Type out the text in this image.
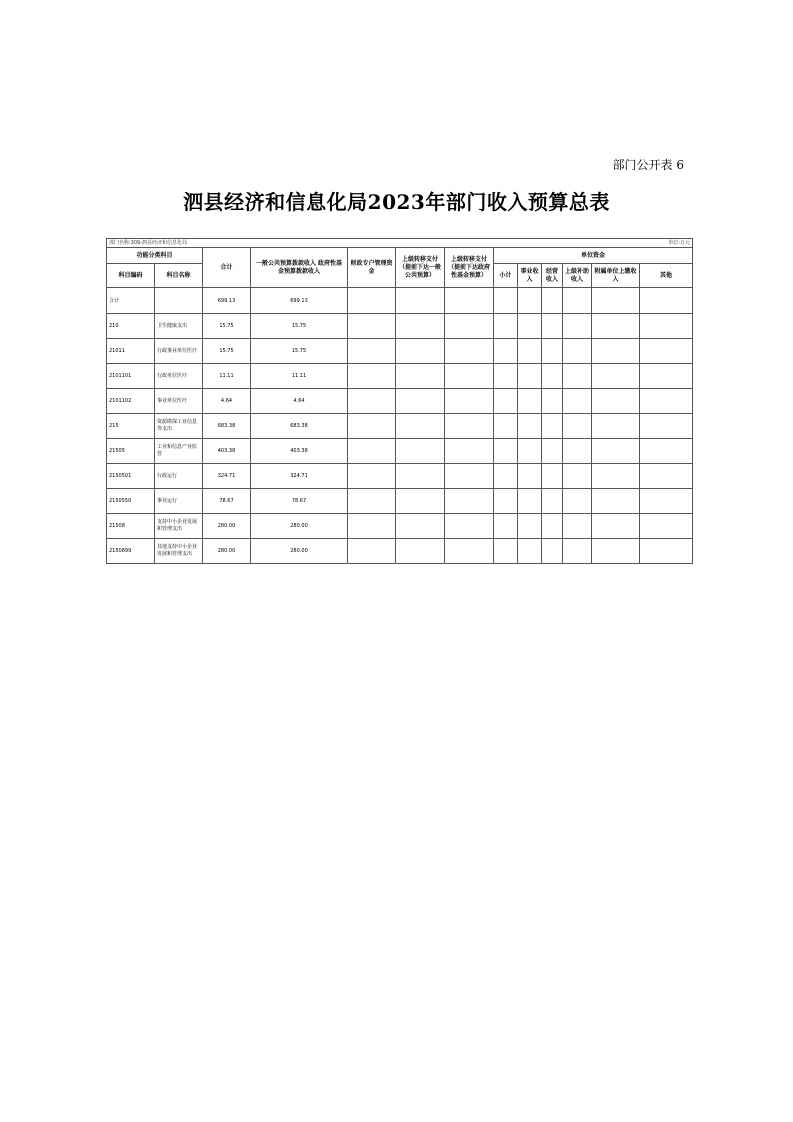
部门公开表 6
泗县经济和信息化局2023年部门收入预算总表
部门名称:309-泗县经济和信息化局											单位:万元	
功能分类科目		合计	一般公共预算拨款收入 政府性基金预算拨款收入	财政专户管理资金	上级转移支付（提前下达一般公共预算）	上级转移支付（提前下达政府性基金预算）	单位资金					
科目编码	科目名称						小计	事业收入	经营收入	上级补助收入	附属单位上缴收入	其他
合计		699.13	699.13									
210	卫生健康支出	15.75	15.75									
21011	行政事业单位医疗	15.75	15.75									
2101101	行政单位医疗	11.11	11.11									
2101102	事业单位医疗	4.64	4.64									
215	资源勘探工业信息等支出	683.38	683.38									
21505	工业和信息产业监管	403.38	403.38									
2150501	行政运行	324.71	324.71									
2150550	事业运行	78.67	78.67									
21508	支持中小企业发展和管理支出	280.00	280.00									
2150899	其他支持中小企业发展和管理支出	280.00	280.00									
